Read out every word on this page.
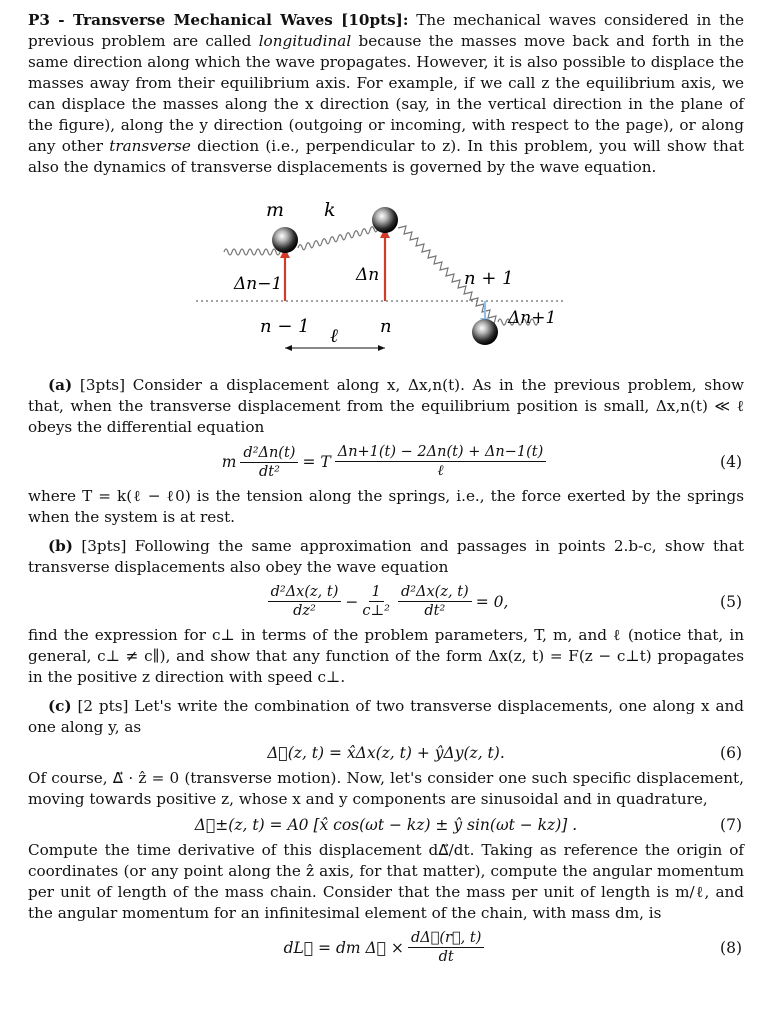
P3 - Transverse Mechanical Waves [10pts]: The mechanical waves considered in the previous problem are called longitudinal because the masses move back and forth in the same direction along which the wave propagates. However, it is also possible to displace the masses away from their equilibrium axis. For example, if we call z the equilibrium axis, we can displace the masses along the x direction (say, in the vertical direction in the plane of the figure), along the y direction (outgoing or incoming, with respect to the page), or along any other transverse diection (i.e., perpendicular to z). In this problem, you will show that also the dynamics of transverse displacements is governed by the wave equation.

m k
Δn−1	Δn	n + 1
n − 1	n	Δn+1
ℓ

(a) [3pts] Consider a displacement along x, Δx,n(t). As in the previous problem, show that, when the transverse displacement from the equilibrium position is small, Δx,n(t) ≪ ℓ obeys the differential equation

m $\frac{\text{d²Δn(t)}}{\text{dt²}} = T \frac{\Delta n+1(t) - 2\Delta n(t) + \Delta n-1(t)}{\text{ℓ}}$	(4)

where T = k(ℓ − ℓ0) is the tension along the springs, i.e., the force exerted by the springs when the system is at rest.

(b) [3pts] Following the same approximation and passages in points 2.b-c, show that transverse displacements also obey the wave equation

$\frac{\text{d²Δx(z, t)}}{\text{dz²}} - \frac{1}{\text{c⊥²}} \frac{\text{d²Δx(z, t)}}{\text{dt²}} = 0$,	(5)

find the expression for c⊥ in terms of the problem parameters, T, m, and ℓ (notice that, in general, c⊥ ≠ c∥), and show that any function of the form Δx(z, t) = F(z − c⊥t) propagates in the positive z direction with speed c⊥.

(c) [2 pts] Let's write the combination of two transverse displacements, one along x and one along y, as

Δ⃗(z, t) = x̂Δx(z, t) + ŷΔy(z, t).	(6)

Of course, Δ⃗ · ẑ = 0 (transverse motion). Now, let's consider one such specific displacement, moving towards positive z, whose x and y components are sinusoidal and in quadrature,

Δ⃗±(z, t) = A0 [x̂ cos(ωt − kz) ± ŷ sin(ωt − kz)] .	(7)

Compute the time derivative of this displacement dΔ⃗/dt. Taking as reference the origin of coordinates (or any point along the ẑ axis, for that matter), compute the angular momentum per unit of length of the mass chain. Consider that the mass per unit of length is m/ℓ, and the angular momentum for an infinitesimal element of the chain, with mass dm, is

dL⃗ = dm Δ⃗ × $\frac{d\Delta⃗(r⃗, t)}{dt}$	(8)
